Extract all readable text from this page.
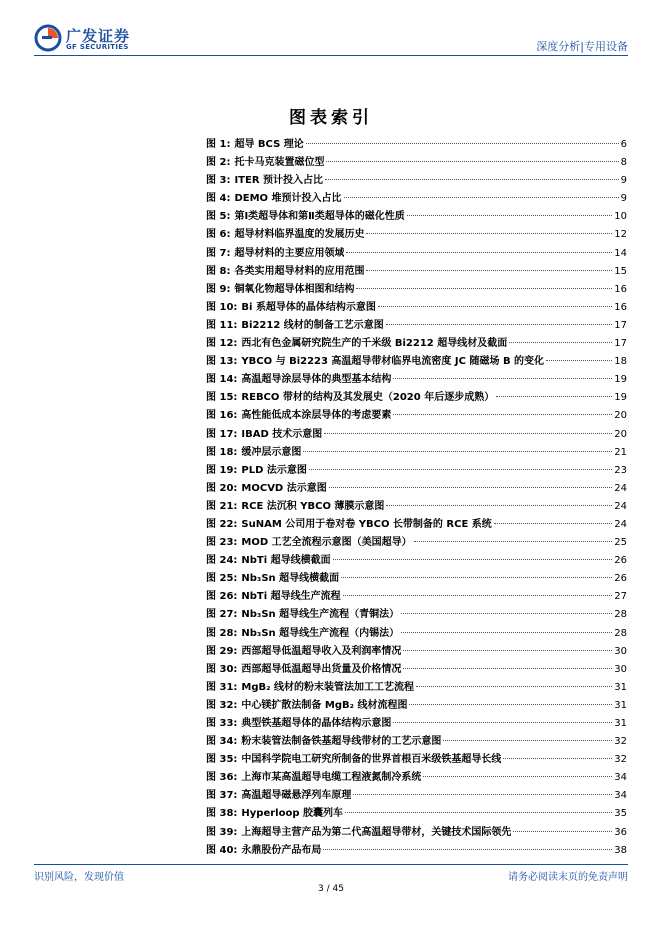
广发证券
GF SECURITIES	深度分析|专用设备
图表索引
图 1: 超导 BCS 理论	6
图 2: 托卡马克装置磁位型	8
图 3: ITER 预计投入占比	9
图 4: DEMO 堆预计投入占比	9
图 5: 第Ⅰ类超导体和第Ⅱ类超导体的磁化性质	10
图 6: 超导材料临界温度的发展历史	12
图 7: 超导材料的主要应用领域	14
图 8: 各类实用超导材料的应用范围	15
图 9: 铜氧化物超导体相图和结构	16
图 10: Bi 系超导体的晶体结构示意图	16
图 11: Bi2212 线材的制备工艺示意图	17
图 12: 西北有色金属研究院生产的千米级 Bi2212 超导线材及截面	17
图 13: YBCO 与 Bi2223 高温超导带材临界电流密度 JC 随磁场 B 的变化	18
图 14: 高温超导涂层导体的典型基本结构	19
图 15: REBCO 带材的结构及其发展史（2020 年后逐步成熟）	19
图 16: 高性能低成本涂层导体的考虑要素	20
图 17: IBAD 技术示意图	20
图 18: 缓冲层示意图	21
图 19: PLD 法示意图	23
图 20: MOCVD 法示意图	24
图 21: RCE 法沉积 YBCO 薄膜示意图	24
图 22: SuNAM 公司用于卷对卷 YBCO 长带制备的 RCE 系统	24
图 23: MOD 工艺全流程示意图（美国超导）	25
图 24: NbTi 超导线横截面	26
图 25: Nb₃Sn 超导线横截面	26
图 26: NbTi 超导线生产流程	27
图 27: Nb₃Sn 超导线生产流程（青铜法）	28
图 28: Nb₃Sn 超导线生产流程（内锡法）	28
图 29: 西部超导低温超导收入及利润率情况	30
图 30: 西部超导低温超导出货量及价格情况	30
图 31: MgB₂ 线材的粉末装管法加工工艺流程	31
图 32: 中心镁扩散法制备 MgB₂ 线材流程图	31
图 33: 典型铁基超导体的晶体结构示意图	31
图 34: 粉末装管法制备铁基超导线带材的工艺示意图	32
图 35: 中国科学院电工研究所制备的世界首根百米级铁基超导长线	32
图 36: 上海市某高温超导电缆工程液氮制冷系统	34
图 37: 高温超导磁悬浮列车原理	34
图 38: Hyperloop 胶囊列车	35
图 39: 上海超导主营产品为第二代高温超导带材，关键技术国际领先	36
图 40: 永鼎股份产品布局	38
识别风险，发现价值	请务必阅读末页的免责声明
3 / 45
